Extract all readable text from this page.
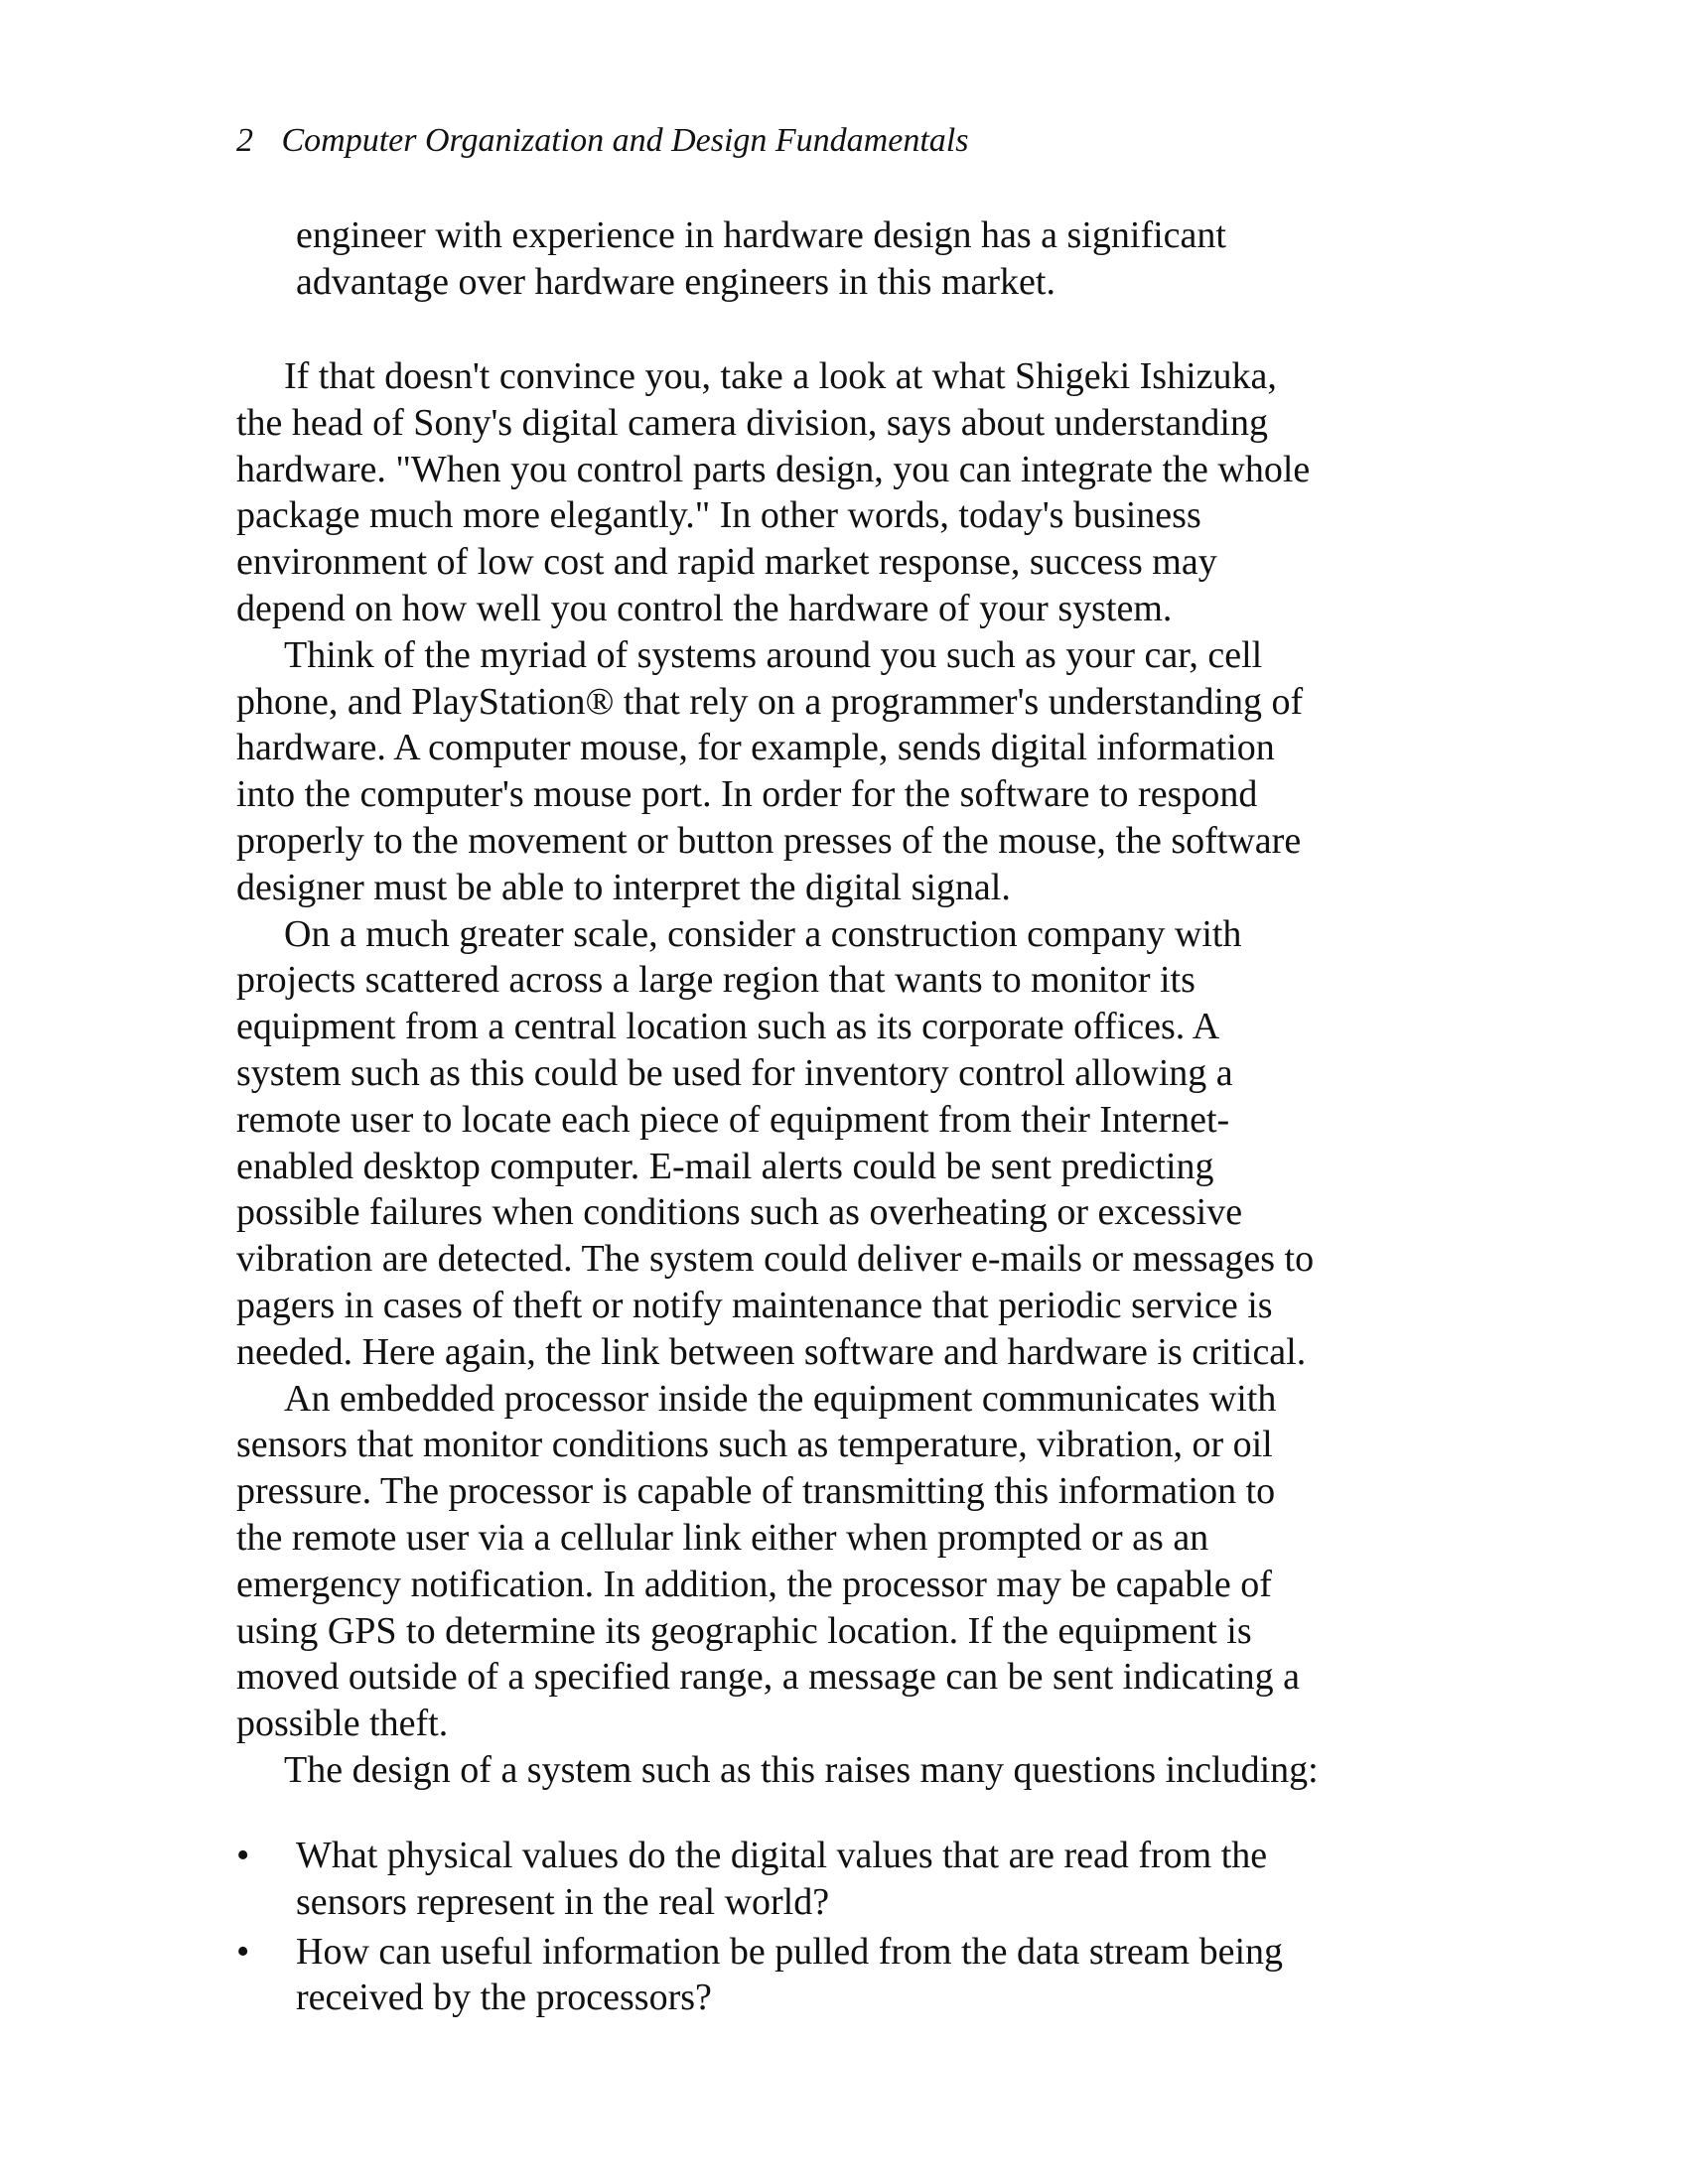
2 Computer Organization and Design Fundamentals
engineer with experience in hardware design has a significant
advantage over hardware engineers in this market.
If that doesn't convince you, take a look at what Shigeki Ishizuka,
the head of Sony's digital camera division, says about understanding
hardware. "When you control parts design, you can integrate the whole
package much more elegantly." In other words, today's business
environment of low cost and rapid market response, success may
depend on how well you control the hardware of your system.
Think of the myriad of systems around you such as your car, cell
phone, and PlayStation® that rely on a programmer's understanding of
hardware. A computer mouse, for example, sends digital information
into the computer's mouse port. In order for the software to respond
properly to the movement or button presses of the mouse, the software
designer must be able to interpret the digital signal.
On a much greater scale, consider a construction company with
projects scattered across a large region that wants to monitor its
equipment from a central location such as its corporate offices. A
system such as this could be used for inventory control allowing a
remote user to locate each piece of equipment from their Internet-
enabled desktop computer. E-mail alerts could be sent predicting
possible failures when conditions such as overheating or excessive
vibration are detected. The system could deliver e-mails or messages to
pagers in cases of theft or notify maintenance that periodic service is
needed. Here again, the link between software and hardware is critical.
An embedded processor inside the equipment communicates with
sensors that monitor conditions such as temperature, vibration, or oil
pressure. The processor is capable of transmitting this information to
the remote user via a cellular link either when prompted or as an
emergency notification. In addition, the processor may be capable of
using GPS to determine its geographic location. If the equipment is
moved outside of a specified range, a message can be sent indicating a
possible theft.
The design of a system such as this raises many questions including:
•	What physical values do the digital values that are read from the
sensors represent in the real world?
•	How can useful information be pulled from the data stream being
received by the processors?
